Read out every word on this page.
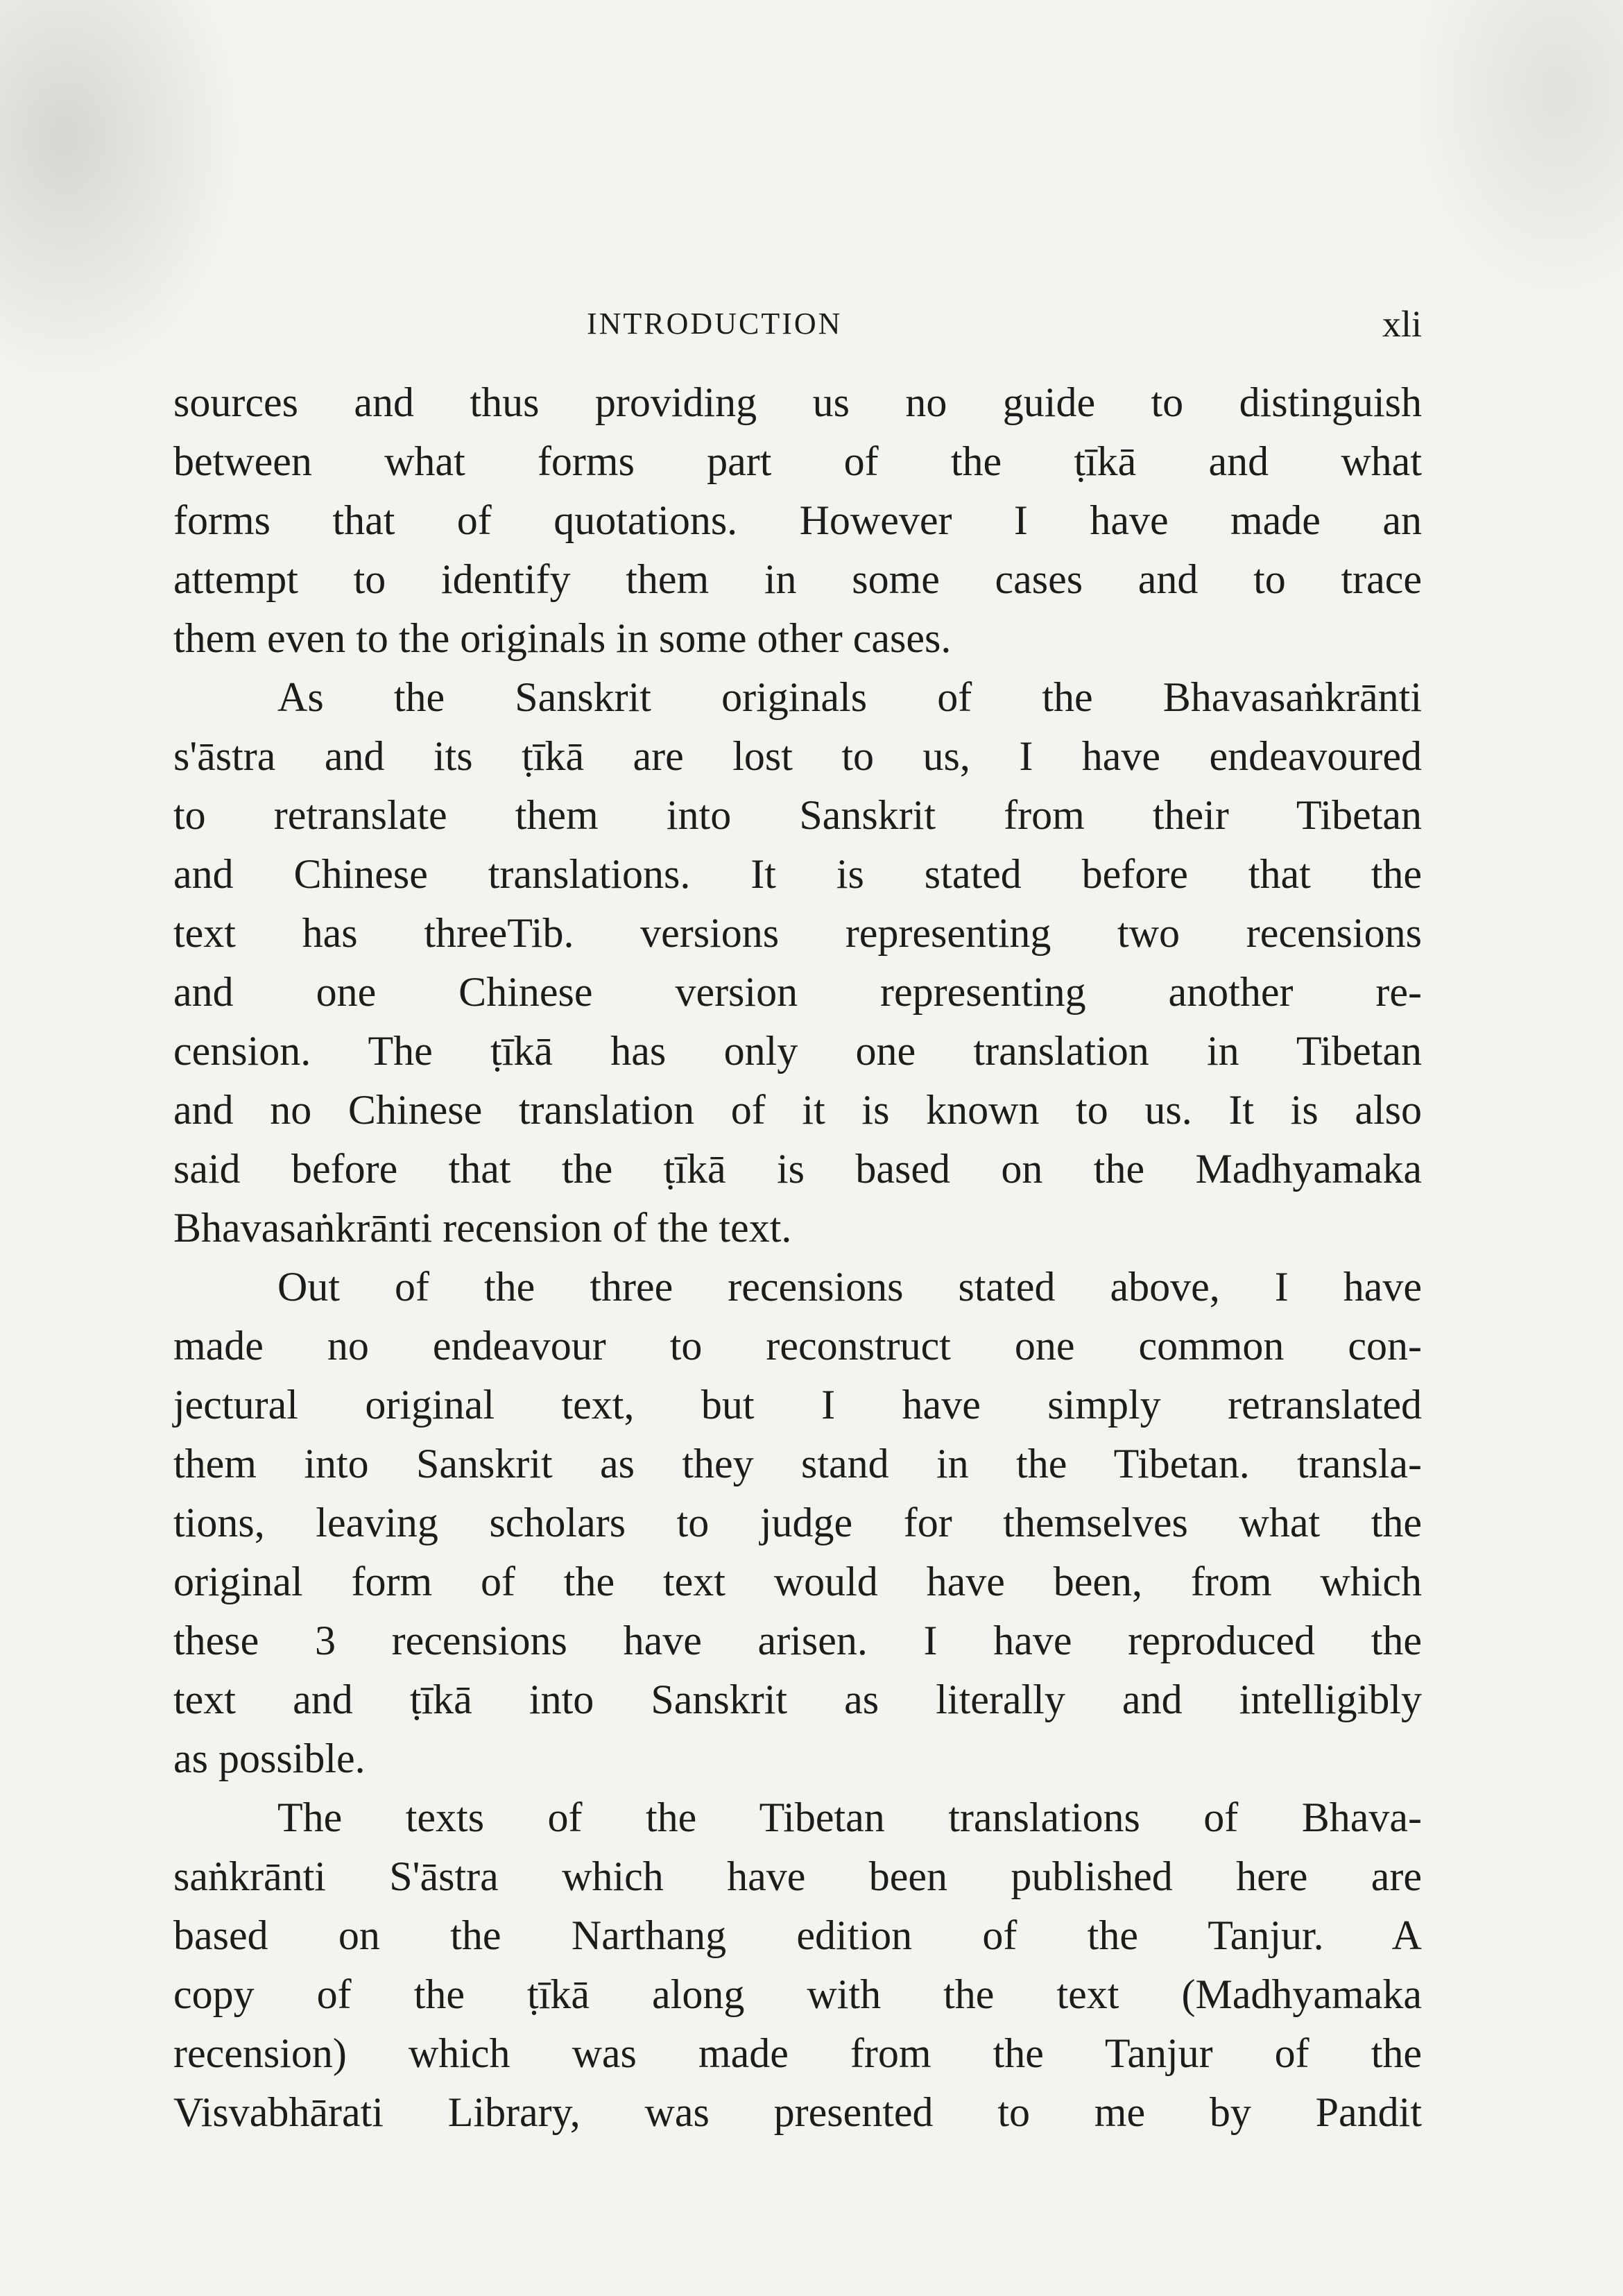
INTRODUCTION	xli
sources and thus providing us no guide to distinguish
between what forms part of the ṭīkā and what
forms that of quotations. However I have made an
attempt to identify them in some cases and to trace
them even to the originals in some other cases.
As the Sanskrit originals of the Bhavasaṅkrānti
s'āstra and its ṭīkā are lost to us, I have endeavoured
to retranslate them into Sanskrit from their Tibetan
and Chinese translations. It is stated before that the
text has threeTib. versions representing two recensions
and one Chinese version representing another re-
cension. The ṭīkā has only one translation in Tibetan
and no Chinese translation of it is known to us. It is also
said before that the ṭīkā is based on the Madhyamaka
Bhavasaṅkrānti recension of the text.
Out of the three recensions stated above, I have
made no endeavour to reconstruct one common con-
jectural original text, but I have simply retranslated
them into Sanskrit as they stand in the Tibetan. transla-
tions, leaving scholars to judge for themselves what the
original form of the text would have been, from which
these 3 recensions have arisen. I have reproduced the
text and ṭīkā into Sanskrit as literally and intelligibly
as possible.
The texts of the Tibetan translations of Bhava-
saṅkrānti S'āstra which have been published here are
based on the Narthang edition of the Tanjur. A
copy of the ṭīkā along with the text (Madhyamaka
recension) which was made from the Tanjur of the
Visvabhārati Library, was presented to me by Pandit
